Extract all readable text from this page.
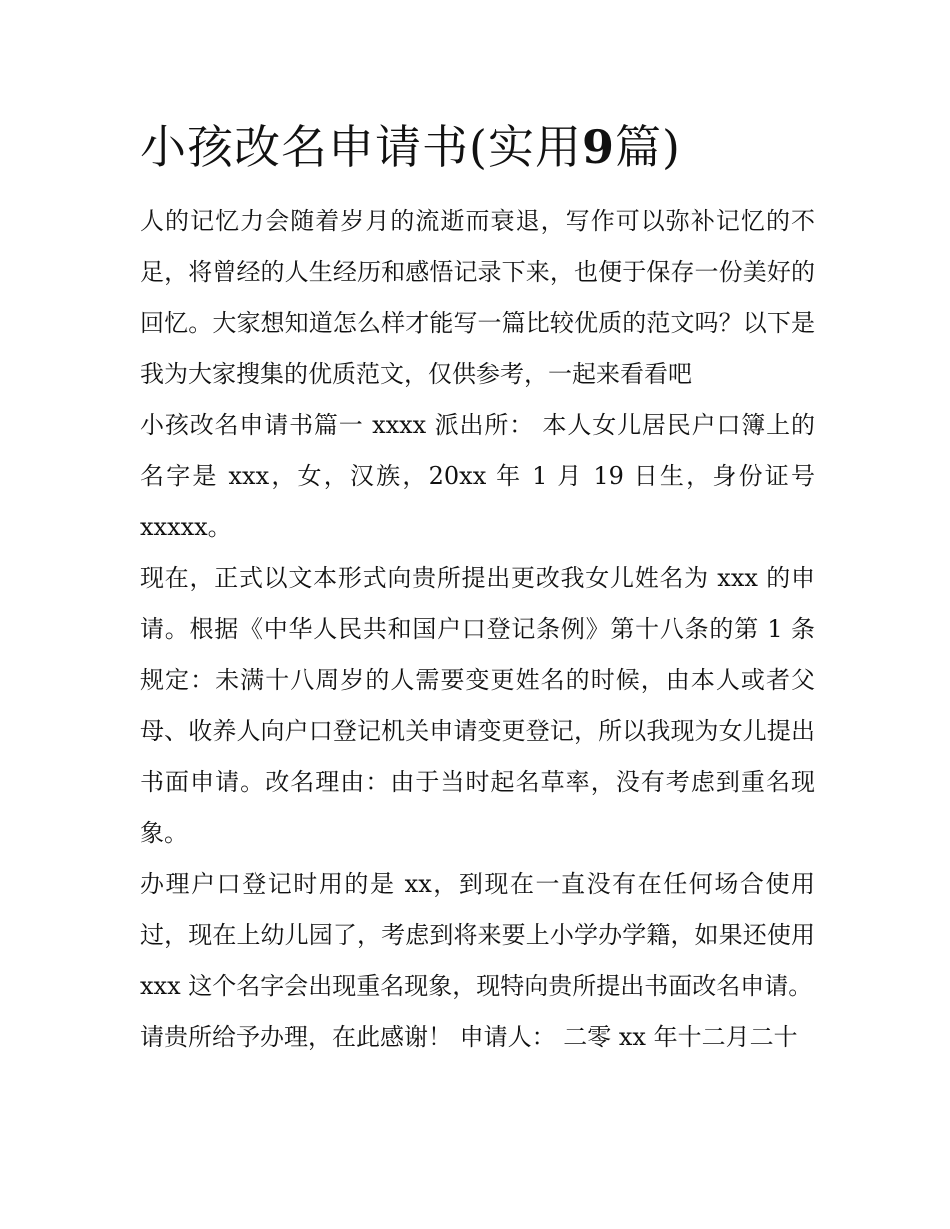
小孩改名申请书(实用9篇)

人的记忆力会随着岁月的流逝而衰退，写作可以弥补记忆的不足，将曾经的人生经历和感悟记录下来，也便于保存一份美好的回忆。大家想知道怎么样才能写一篇比较优质的范文吗？以下是我为大家搜集的优质范文，仅供参考，一起来看看吧

小孩改名申请书篇一 xxxx 派出所： 本人女儿居民户口簿上的名字是 xxx，女，汉族，20xx 年 1 月 19 日生，身份证号 xxxxx。

现在，正式以文本形式向贵所提出更改我女儿姓名为 xxx 的申请。根据《中华人民共和国户口登记条例》第十八条的第 1 条规定：未满十八周岁的人需要变更姓名的时候，由本人或者父母、收养人向户口登记机关申请变更登记，所以我现为女儿提出书面申请。改名理由：由于当时起名草率，没有考虑到重名现象。

办理户口登记时用的是 xx，到现在一直没有在任何场合使用过，现在上幼儿园了，考虑到将来要上小学办学籍，如果还使用 xxx 这个名字会出现重名现象，现特向贵所提出书面改名申请。

请贵所给予办理，在此感谢！ 申请人： 二零 xx 年十二月二十
